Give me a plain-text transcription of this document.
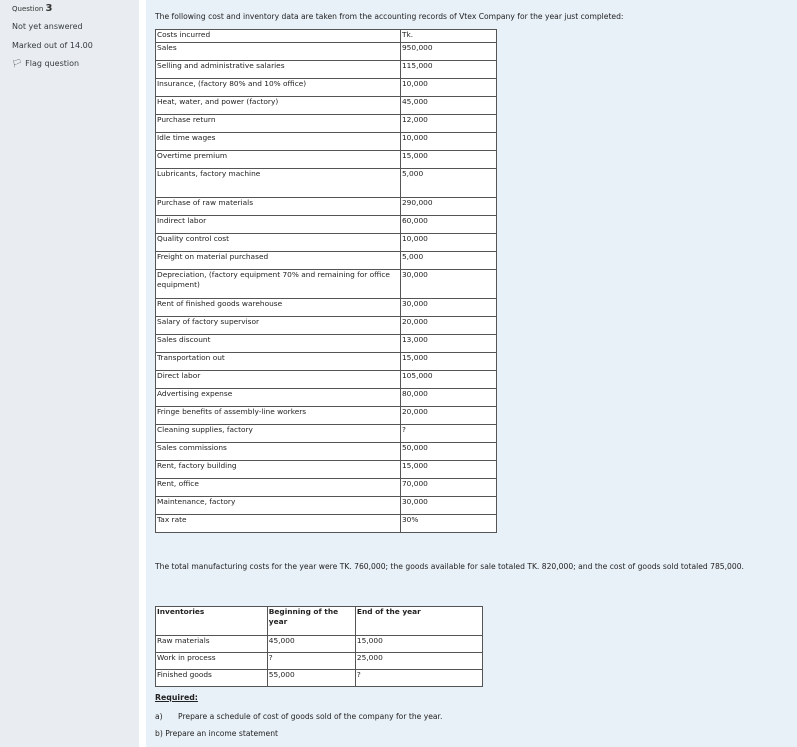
Question 3
Not yet answered
Marked out of 14.00
🏳︎ Flag question
The following cost and inventory data are taken from the accounting records of Vtex Company for the year just completed:
Costs incurred	Tk.
Sales	950,000
Selling and administrative salaries	115,000
Insurance, (factory 80% and 10% office)	10,000
Heat, water, and power (factory)	45,000
Purchase return	12,000
Idle time wages	10,000
Overtime premium	15,000
Lubricants, factory machine	5,000
Purchase of raw materials	290,000
Indirect labor	60,000
Quality control cost	10,000
Freight on material purchased	5,000
Depreciation, (factory equipment 70% and remaining for office equipment)	30,000
Rent of finished goods warehouse	30,000
Salary of factory supervisor	20,000
Sales discount	13,000
Transportation out	15,000
Direct labor	105,000
Advertising expense	80,000
Fringe benefits of assembly-line workers	20,000
Cleaning supplies, factory	?
Sales commissions	50,000
Rent, factory building	15,000
Rent, office	70,000
Maintenance, factory	30,000
Tax rate	30%
The total manufacturing costs for the year were TK. 760,000; the goods available for sale totaled TK. 820,000; and the cost of goods sold totaled 785,000.
Inventories	Beginning of the year	End of the year
Raw materials	45,000	15,000
Work in process	?	25,000
Finished goods	55,000	?
Required:
a) Prepare a schedule of cost of goods sold of the company for the year.
b) Prepare an income statement
